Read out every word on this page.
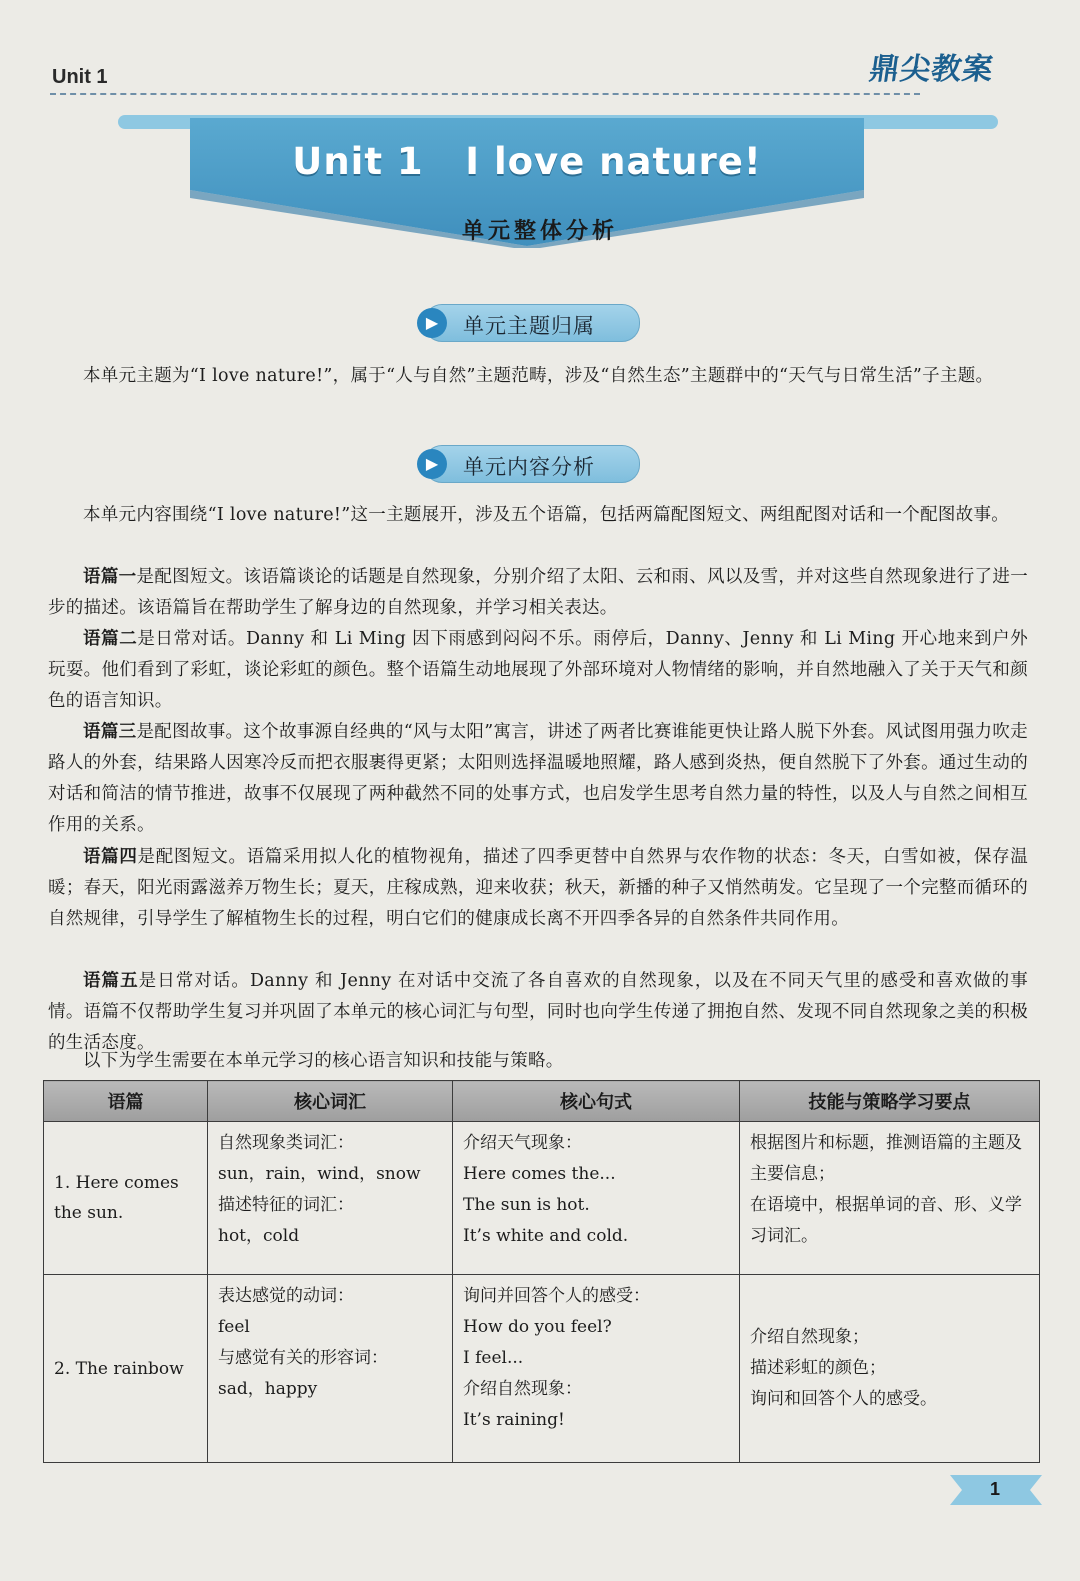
Unit 1	鼎尖教案
Unit 1   I love nature!
单元整体分析
▶	单元主题归属
本单元主题为“I love nature!”，属于“人与自然”主题范畴，涉及“自然生态”主题群中的“天气与日常生活”子主题。
▶	单元内容分析
本单元内容围绕“I love nature!”这一主题展开，涉及五个语篇，包括两篇配图短文、两组配图对话和一个配图故事。
语篇一是配图短文。该语篇谈论的话题是自然现象，分别介绍了太阳、云和雨、风以及雪，并对这些自然现象进行了进一步的描述。该语篇旨在帮助学生了解身边的自然现象，并学习相关表达。
语篇二是日常对话。Danny 和 Li Ming 因下雨感到闷闷不乐。雨停后，Danny、Jenny 和 Li Ming 开心地来到户外玩耍。他们看到了彩虹，谈论彩虹的颜色。整个语篇生动地展现了外部环境对人物情绪的影响，并自然地融入了关于天气和颜色的语言知识。
语篇三是配图故事。这个故事源自经典的“风与太阳”寓言，讲述了两者比赛谁能更快让路人脱下外套。风试图用强力吹走路人的外套，结果路人因寒冷反而把衣服裹得更紧；太阳则选择温暖地照耀，路人感到炎热，便自然脱下了外套。通过生动的对话和简洁的情节推进，故事不仅展现了两种截然不同的处事方式，也启发学生思考自然力量的特性，以及人与自然之间相互作用的关系。
语篇四是配图短文。语篇采用拟人化的植物视角，描述了四季更替中自然界与农作物的状态：冬天，白雪如被，保存温暖；春天，阳光雨露滋养万物生长；夏天，庄稼成熟，迎来收获；秋天，新播的种子又悄然萌发。它呈现了一个完整而循环的自然规律，引导学生了解植物生长的过程，明白它们的健康成长离不开四季各异的自然条件共同作用。
语篇五是日常对话。Danny 和 Jenny 在对话中交流了各自喜欢的自然现象，以及在不同天气里的感受和喜欢做的事情。语篇不仅帮助学生复习并巩固了本单元的核心词汇与句型，同时也向学生传递了拥抱自然、发现不同自然现象之美的积极的生活态度。
以下为学生需要在本单元学习的核心语言知识和技能与策略。
语篇	核心词汇	核心句式	技能与策略学习要点
1. Here comes the sun.	自然现象类词汇：
sun，rain，wind，snow
描述特征的词汇：
hot，cold	介绍天气现象：
Here comes the...
The sun is hot.
It’s white and cold.	根据图片和标题，推测语篇的主题及主要信息；
在语境中，根据单词的音、形、义学习词汇。

2. The rainbow	表达感觉的动词：
feel
与感觉有关的形容词：
sad，happy	询问并回答个人的感受：
How do you feel?
I feel...
介绍自然现象：
It’s raining!	介绍自然现象；
描述彩虹的颜色；
询问和回答个人的感受。
1
